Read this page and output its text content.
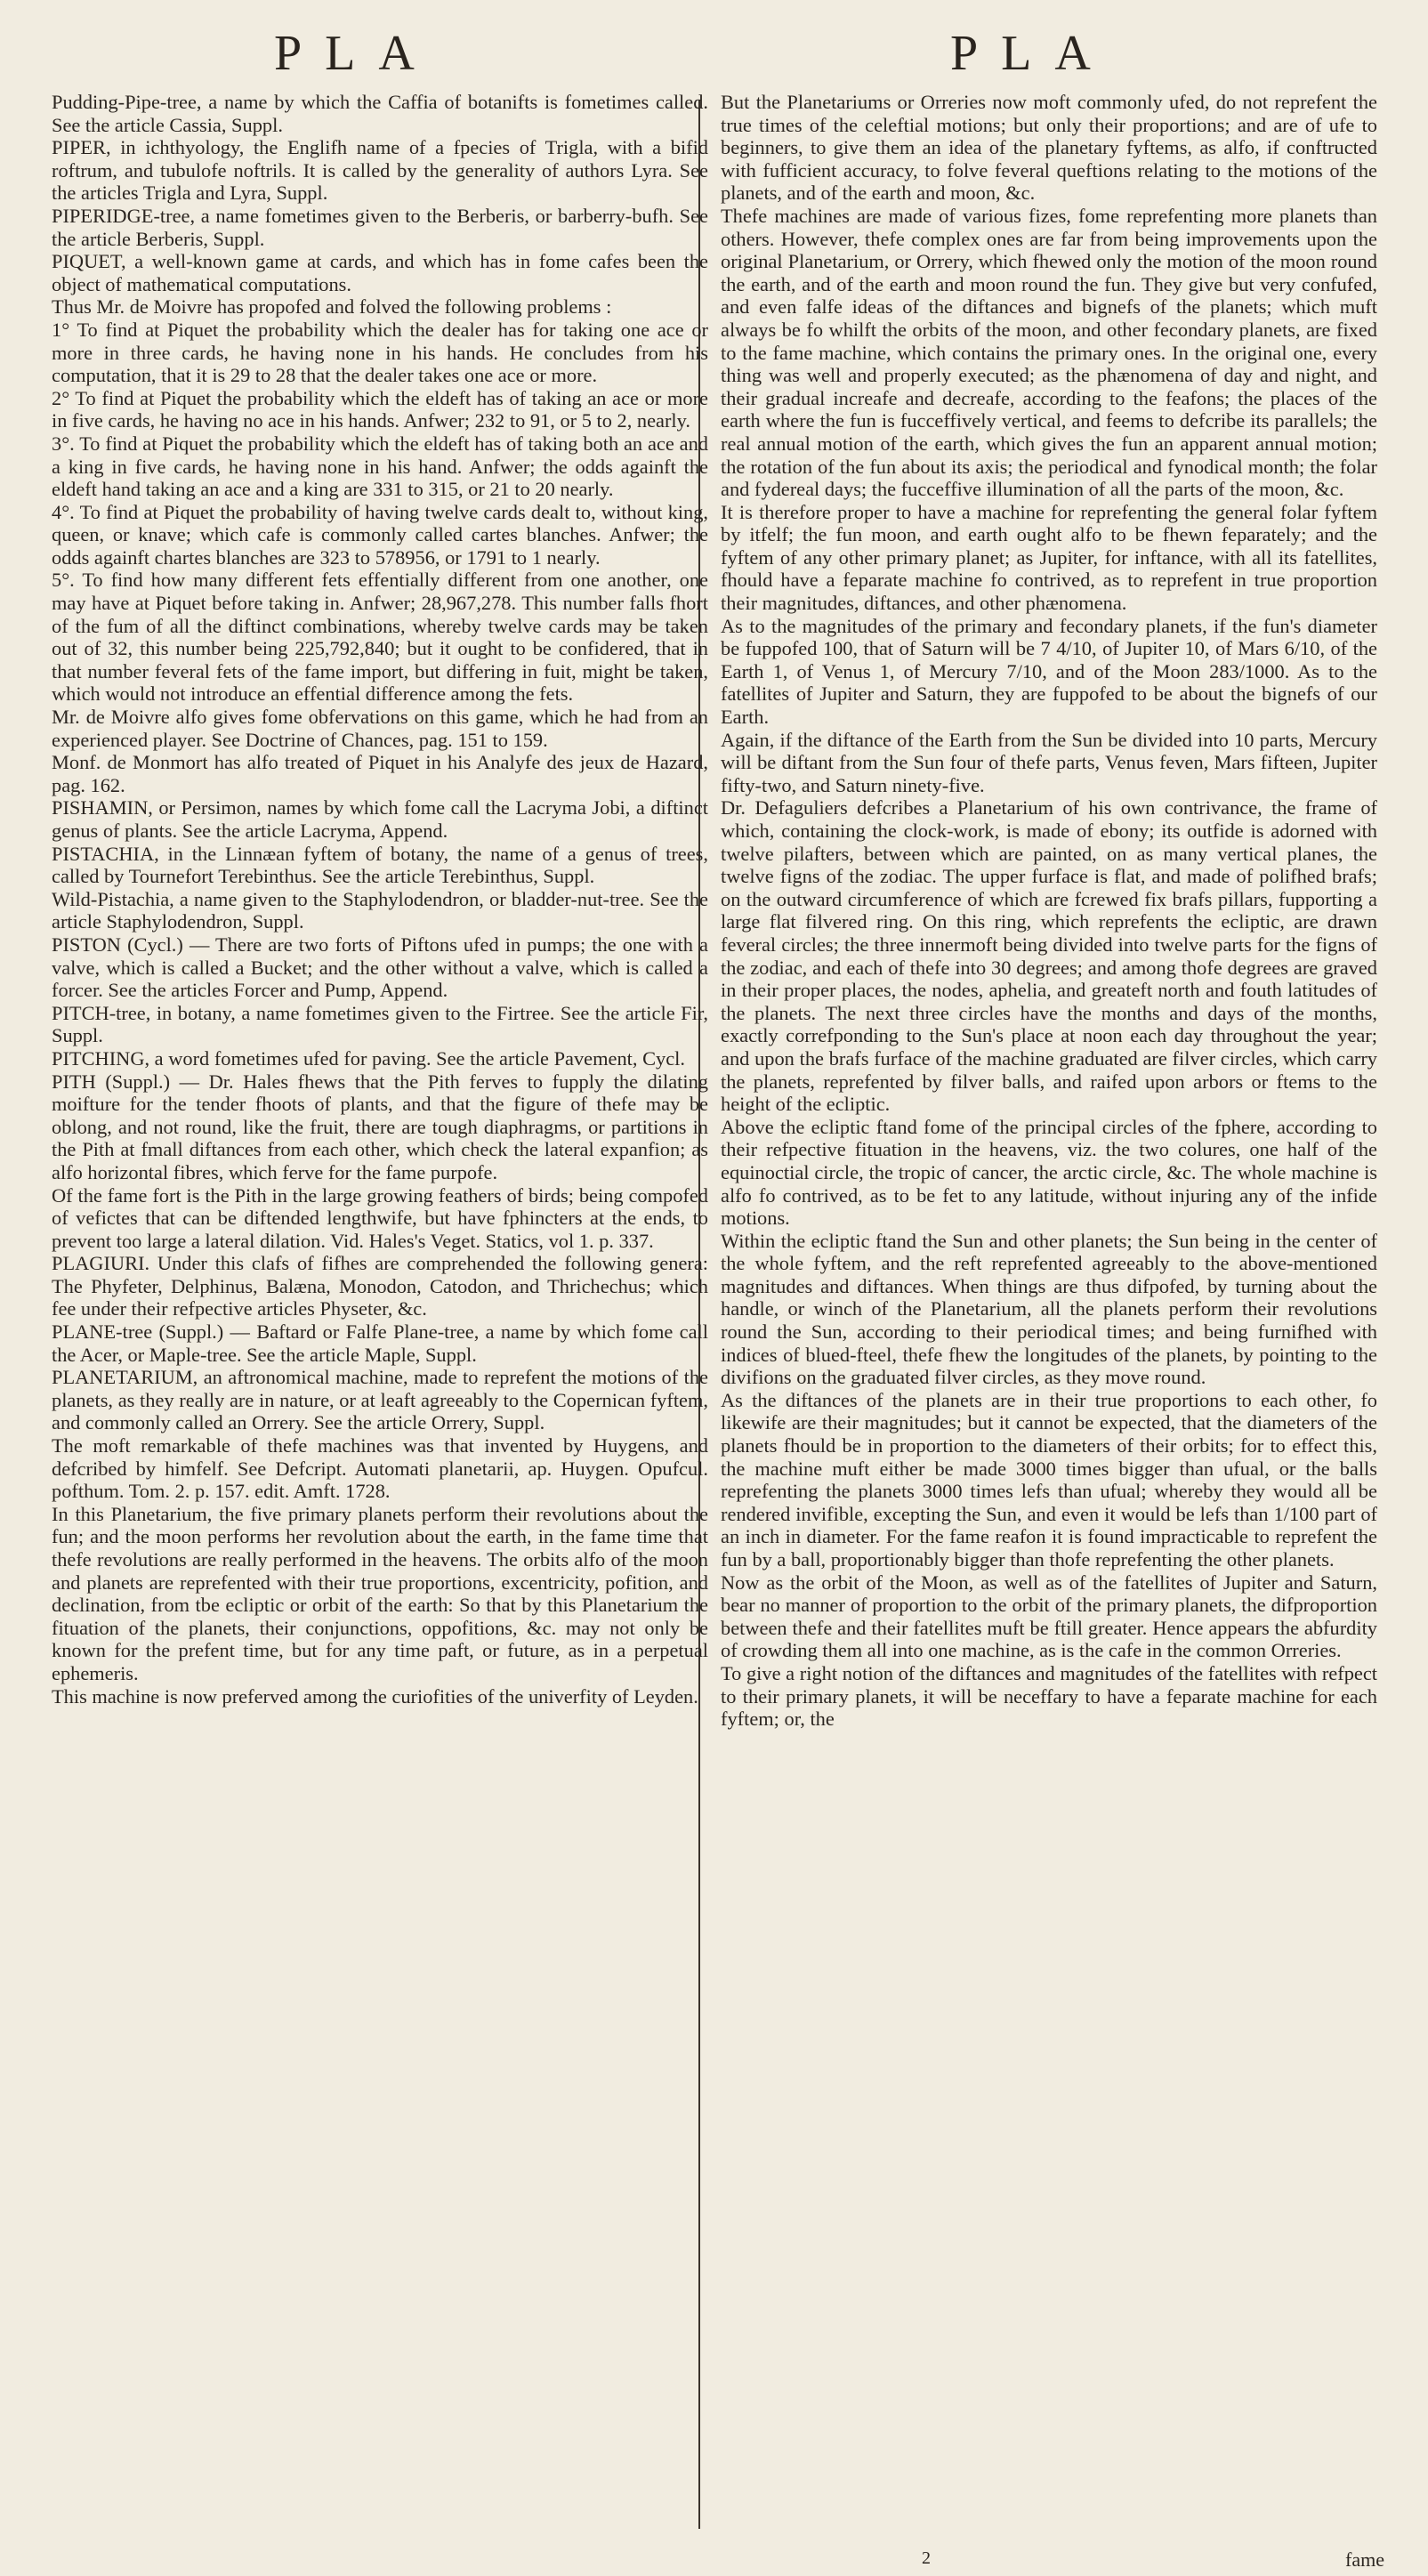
PLA	PLA

Pudding-Pipe-tree, a name by which the Caffia of botanifts is fometimes called. See the article Cassia, Suppl.

PIPER, in ichthyology, the Englifh name of a fpecies of Trigla, with a bifid roftrum, and tubulofe noftrils. It is called by the generality of authors Lyra. See the articles Trigla and Lyra, Suppl.

PIPERIDGE-tree, a name fometimes given to the Berberis, or barberry-bufh. See the article Berberis, Suppl.

PIQUET, a well-known game at cards, and which has in fome cafes been the object of mathematical computations.

Thus Mr. de Moivre has propofed and folved the following problems :

1° To find at Piquet the probability which the dealer has for taking one ace or more in three cards, he having none in his hands. He concludes from his computation, that it is 29 to 28 that the dealer takes one ace or more.

2° To find at Piquet the probability which the eldeft has of taking an ace or more in five cards, he having no ace in his hands. Anfwer; 232 to 91, or 5 to 2, nearly.

3°. To find at Piquet the probability which the eldeft has of taking both an ace and a king in five cards, he having none in his hand. Anfwer; the odds againft the eldeft hand taking an ace and a king are 331 to 315, or 21 to 20 nearly.

4°. To find at Piquet the probability of having twelve cards dealt to, without king, queen, or knave; which cafe is commonly called cartes blanches. Anfwer; the odds againft chartes blanches are 323 to 578956, or 1791 to 1 nearly.

5°. To find how many different fets effentially different from one another, one may have at Piquet before taking in. Anfwer; 28,967,278. This number falls fhort of the fum of all the diftinct combinations, whereby twelve cards may be taken out of 32, this number being 225,792,840; but it ought to be confidered, that in that number feveral fets of the fame import, but differing in fuit, might be taken, which would not introduce an effential difference among the fets.

Mr. de Moivre alfo gives fome obfervations on this game, which he had from an experienced player. See Doctrine of Chances, pag. 151 to 159.

Monf. de Monmort has alfo treated of Piquet in his Analyfe des jeux de Hazard, pag. 162.

PISHAMIN, or Persimon, names by which fome call the Lacryma Jobi, a diftinct genus of plants. See the article Lacryma, Append.

PISTACHIA, in the Linnæan fyftem of botany, the name of a genus of trees, called by Tournefort Terebinthus. See the article Terebinthus, Suppl.

Wild-Pistachia, a name given to the Staphylodendron, or bladder-nut-tree. See the article Staphylodendron, Suppl.

PISTON (Cycl.) — There are two forts of Piftons ufed in pumps; the one with a valve, which is called a Bucket; and the other without a valve, which is called a forcer. See the articles Forcer and Pump, Append.

PITCH-tree, in botany, a name fometimes given to the Firtree. See the article Fir, Suppl.

PITCHING, a word fometimes ufed for paving. See the article Pavement, Cycl.

PITH (Suppl.) — Dr. Hales fhews that the Pith ferves to fupply the dilating moifture for the tender fhoots of plants, and that the figure of thefe may be oblong, and not round, like the fruit, there are tough diaphragms, or partitions in the Pith at fmall diftances from each other, which check the lateral expanfion; as alfo horizontal fibres, which ferve for the fame purpofe.

Of the fame fort is the Pith in the large growing feathers of birds; being compofed of vefictes that can be diftended lengthwife, but have fphincters at the ends, to prevent too large a lateral dilation. Vid. Hales's Veget. Statics, vol 1. p. 337.

PLAGIURI. Under this clafs of fifhes are comprehended the following genera: The Phyfeter, Delphinus, Balæna, Monodon, Catodon, and Thrichechus; which fee under their refpective articles Physeter, &c.

PLANE-tree (Suppl.) — Baftard or Falfe Plane-tree, a name by which fome call the Acer, or Maple-tree. See the article Maple, Suppl.

PLANETARIUM, an aftronomical machine, made to reprefent the motions of the planets, as they really are in nature, or at leaft agreeably to the Copernican fyftem, and commonly called an Orrery. See the article Orrery, Suppl.

The moft remarkable of thefe machines was that invented by Huygens, and defcribed by himfelf. See Defcript. Automati planetarii, ap. Huygen. Opufcul. pofthum. Tom. 2. p. 157. edit. Amft. 1728.

In this Planetarium, the five primary planets perform their revolutions about the fun; and the moon performs her revolution about the earth, in the fame time that thefe revolutions are really performed in the heavens. The orbits alfo of the moon and planets are reprefented with their true proportions, excentricity, pofition, and declination, from tbe ecliptic or orbit of the earth: So that by this Planetarium the fituation of the planets, their conjunctions, oppofitions, &c. may not only be known for the prefent time, but for any time paft, or future, as in a perpetual ephemeris.

This machine is now preferved among the curiofities of the univerfity of Leyden.

But the Planetariums or Orreries now moft commonly ufed, do not reprefent the true times of the celeftial motions; but only their proportions; and are of ufe to beginners, to give them an idea of the planetary fyftems, as alfo, if conftructed with fufficient accuracy, to folve feveral queftions relating to the motions of the planets, and of the earth and moon, &c.

Thefe machines are made of various fizes, fome reprefenting more planets than others. However, thefe complex ones are far from being improvements upon the original Planetarium, or Orrery, which fhewed only the motion of the moon round the earth, and of the earth and moon round the fun. They give but very confufed, and even falfe ideas of the diftances and bignefs of the planets; which muft always be fo whilft the orbits of the moon, and other fecondary planets, are fixed to the fame machine, which contains the primary ones. In the original one, every thing was well and properly executed; as the phænomena of day and night, and their gradual increafe and decreafe, according to the feafons; the places of the earth where the fun is fucceffively vertical, and feems to defcribe its parallels; the real annual motion of the earth, which gives the fun an apparent annual motion; the rotation of the fun about its axis; the periodical and fynodical month; the folar and fydereal days; the fucceffive illumination of all the parts of the moon, &c.

It is therefore proper to have a machine for reprefenting the general folar fyftem by itfelf; the fun moon, and earth ought alfo to be fhewn feparately; and the fyftem of any other primary planet; as Jupiter, for inftance, with all its fatellites, fhould have a feparate machine fo contrived, as to reprefent in true proportion their magnitudes, diftances, and other phænomena.

As to the magnitudes of the primary and fecondary planets, if the fun's diameter be fuppofed 100, that of Saturn will be 7 4/10, of Jupiter 10, of Mars 6/10, of the Earth 1, of Venus 1, of Mercury 7/10, and of the Moon 283/1000. As to the fatellites of Jupiter and Saturn, they are fuppofed to be about the bignefs of our Earth.

Again, if the diftance of the Earth from the Sun be divided into 10 parts, Mercury will be diftant from the Sun four of thefe parts, Venus feven, Mars fifteen, Jupiter fifty-two, and Saturn ninety-five.

Dr. Defaguliers defcribes a Planetarium of his own contrivance, the frame of which, containing the clock-work, is made of ebony; its outfide is adorned with twelve pilafters, between which are painted, on as many vertical planes, the twelve figns of the zodiac. The upper furface is flat, and made of polifhed brafs; on the outward circumference of which are fcrewed fix brafs pillars, fupporting a large flat filvered ring. On this ring, which reprefents the ecliptic, are drawn feveral circles; the three innermoft being divided into twelve parts for the figns of the zodiac, and each of thefe into 30 degrees; and among thofe degrees are graved in their proper places, the nodes, aphelia, and greateft north and fouth latitudes of the planets. The next three circles have the months and days of the months, exactly correfponding to the Sun's place at noon each day throughout the year; and upon the brafs furface of the machine graduated are filver circles, which carry the planets, reprefented by filver balls, and raifed upon arbors or ftems to the height of the ecliptic.

Above the ecliptic ftand fome of the principal circles of the fphere, according to their refpective fituation in the heavens, viz. the two colures, one half of the equinoctial circle, the tropic of cancer, the arctic circle, &c. The whole machine is alfo fo contrived, as to be fet to any latitude, without injuring any of the infide motions.

Within the ecliptic ftand the Sun and other planets; the Sun being in the center of the whole fyftem, and the reft reprefented agreeably to the above-mentioned magnitudes and diftances. When things are thus difpofed, by turning about the handle, or winch of the Planetarium, all the planets perform their revolutions round the Sun, according to their periodical times; and being furnifhed with indices of blued-fteel, thefe fhew the longitudes of the planets, by pointing to the divifions on the graduated filver circles, as they move round.

As the diftances of the planets are in their true proportions to each other, fo likewife are their magnitudes; but it cannot be expected, that the diameters of the planets fhould be in proportion to the diameters of their orbits; for to effect this, the machine muft either be made 3000 times bigger than ufual, or the balls reprefenting the planets 3000 times lefs than ufual; whereby they would all be rendered invifible, excepting the Sun, and even it would be lefs than 1/100 part of an inch in diameter. For the fame reafon it is found impracticable to reprefent the fun by a ball, proportionably bigger than thofe reprefenting the other planets.

Now as the orbit of the Moon, as well as of the fatellites of Jupiter and Saturn, bear no manner of proportion to the orbit of the primary planets, the difproportion between thefe and their fatellites muft be ftill greater. Hence appears the abfurdity of crowding them all into one machine, as is the cafe in the common Orreries.

To give a right notion of the diftances and magnitudes of the fatellites with refpect to their primary planets, it will be neceffary to have a feparate machine for each fyftem; or, the

2	fame
